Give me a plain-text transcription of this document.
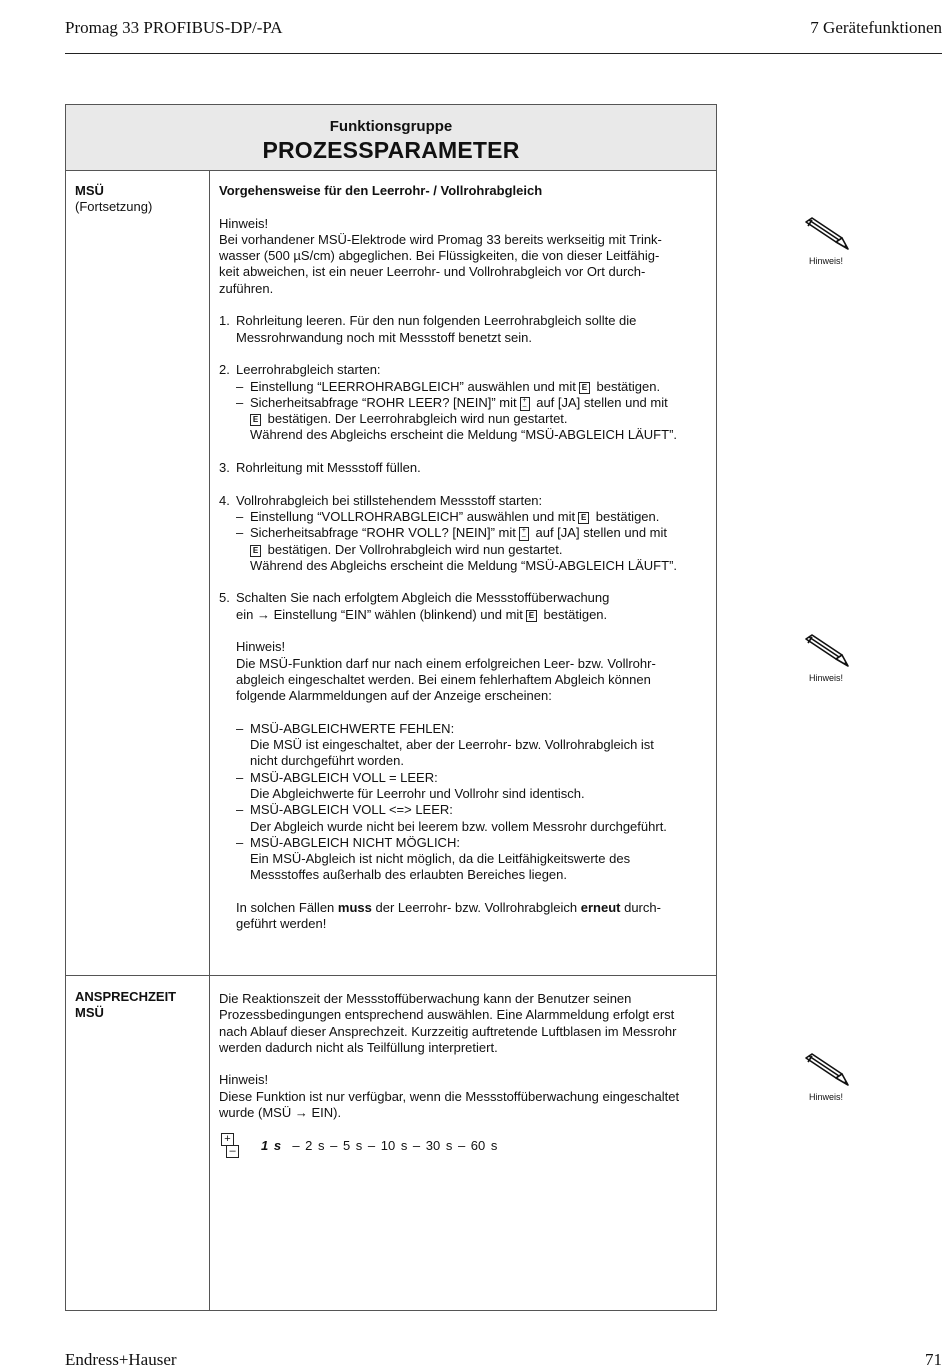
Promag 33 PROFIBUS-DP/-PA	7 Gerätefunktionen
Funktionsgruppe
PROZESSPARAMETER
MSÜ
(Fortsetzung)

Vorgehensweise für den Leerrohr- / Vollrohrabgleich

Hinweis!

Bei vorhandener MSÜ-Elektrode wird Promag 33 bereits werkseitig mit Trink-

wasser (500 µS/cm) abgeglichen. Bei Flüssigkeiten, die von dieser Leitfähig-

keit abweichen, ist ein neuer Leerrohr- und Vollrohrabgleich vor Ort durch-

zuführen.

1. Rohrleitung leeren. Für den nun folgenden Leerrohrabgleich sollte die

Messrohrwandung noch mit Messstoff benetzt sein.

2. Leerrohrabgleich starten:

– Einstellung “LEERROHRABGLEICH” auswählen und mit E bestätigen.
– Sicherheitsabfrage “ROHR LEER? [NEIN]” mit +
– auf [JA] stellen und mit
E bestätigen. Der Leerrohrabgleich wird nun gestartet.

Während des Abgleichs erscheint die Meldung “MSÜ-ABGLEICH LÄUFT”.

3. Rohrleitung mit Messstoff füllen.

4. Vollrohrabgleich bei stillstehendem Messstoff starten:

– Einstellung “VOLLROHRABGLEICH” auswählen und mit E bestätigen.
– Sicherheitsabfrage “ROHR VOLL? [NEIN]” mit +
– auf [JA] stellen und mit
E bestätigen. Der Vollrohrabgleich wird nun gestartet.

Während des Abgleichs erscheint die Meldung “MSÜ-ABGLEICH LÄUFT”.

5. Schalten Sie nach erfolgtem Abgleich die Messstoffüberwachung

ein → Einstellung “EIN” wählen (blinkend) und mit E bestätigen.

Hinweis!

Die MSÜ-Funktion darf nur nach einem erfolgreichen Leer- bzw. Vollrohr-

abgleich eingeschaltet werden. Bei einem fehlerhaftem Abgleich können

folgende Alarmmeldungen auf der Anzeige erscheinen:

– MSÜ-ABGLEICHWERTE FEHLEN:

Die MSÜ ist eingeschaltet, aber der Leerrohr- bzw. Vollrohrabgleich ist

nicht durchgeführt worden.

– MSÜ-ABGLEICH VOLL = LEER:

Die Abgleichwerte für Leerrohr und Vollrohr sind identisch.

– MSÜ-ABGLEICH VOLL <=> LEER:

Der Abgleich wurde nicht bei leerem bzw. vollem Messrohr durchgeführt.

– MSÜ-ABGLEICH NICHT MÖGLICH:

Ein MSÜ-Abgleich ist nicht möglich, da die Leitfähigkeitswerte des

Messstoffes außerhalb des erlaubten Bereiches liegen.

In solchen Fällen muss der Leerrohr- bzw. Vollrohrabgleich erneut durch-

geführt werden!

ANSPRECHZEIT
MSÜ

Die Reaktionszeit der Messstoffüberwachung kann der Benutzer seinen

Prozessbedingungen entsprechend auswählen. Eine Alarmmeldung erfolgt erst

nach Ablauf dieser Ansprechzeit. Kurzzeitig auftretende Luftblasen im Messrohr

werden dadurch nicht als Teilfüllung interpretiert.

Hinweis!

Diese Funktion ist nur verfügbar, wenn die Messstoffüberwachung eingeschaltet

wurde (MSÜ → EIN).

+
– 1 s – 2 s – 5 s – 10 s – 30 s – 60 s
Hinweis!
Hinweis!
Hinweis!
Endress+Hauser	71
